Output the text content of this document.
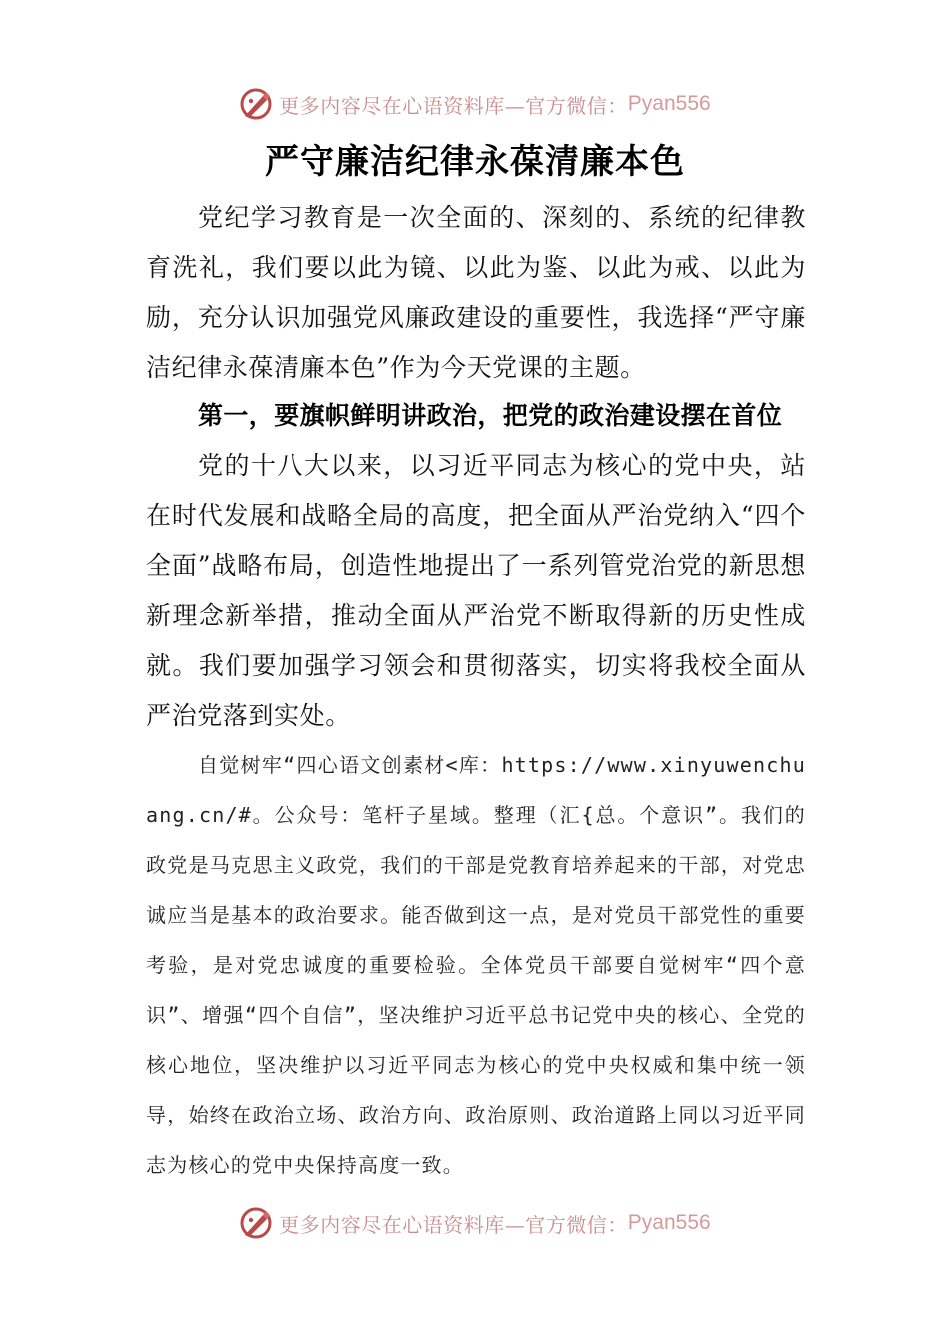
更多内容尽在心语资料库—官方微信： Pyan556
严守廉洁纪律永葆清廉本色

党纪学习教育是一次全面的、深刻的、系统的纪律教育洗礼，我们要以此为镜、以此为鉴、以此为戒、以此为励，充分认识加强党风廉政建设的重要性，我选择“严守廉洁纪律永葆清廉本色”作为今天党课的主题。

第一，要旗帜鲜明讲政治，把党的政治建设摆在首位

党的十八大以来，以习近平同志为核心的党中央，站在时代发展和战略全局的高度，把全面从严治党纳入“四个全面”战略布局，创造性地提出了一系列管党治党的新思想新理念新举措，推动全面从严治党不断取得新的历史性成就。我们要加强学习领会和贯彻落实，切实将我校全面从严治党落到实处。

自觉树牢“四心语文创素材<库：https://www.xinyuwenchuang.cn/#。公众号：笔杆子星域。整理（汇{总。个意识”。我们的政党是马克思主义政党，我们的干部是党教育培养起来的干部，对党忠诚应当是基本的政治要求。能否做到这一点，是对党员干部党性的重要考验，是对党忠诚度的重要检验。全体党员干部要自觉树牢“四个意识”、增强“四个自信”，坚决维护习近平总书记党中央的核心、全党的核心地位，坚决维护以习近平同志为核心的党中央权威和集中统一领导，始终在政治立场、政治方向、政治原则、政治道路上同以习近平同志为核心的党中央保持高度一致。

更多内容尽在心语资料库—官方微信： Pyan556
